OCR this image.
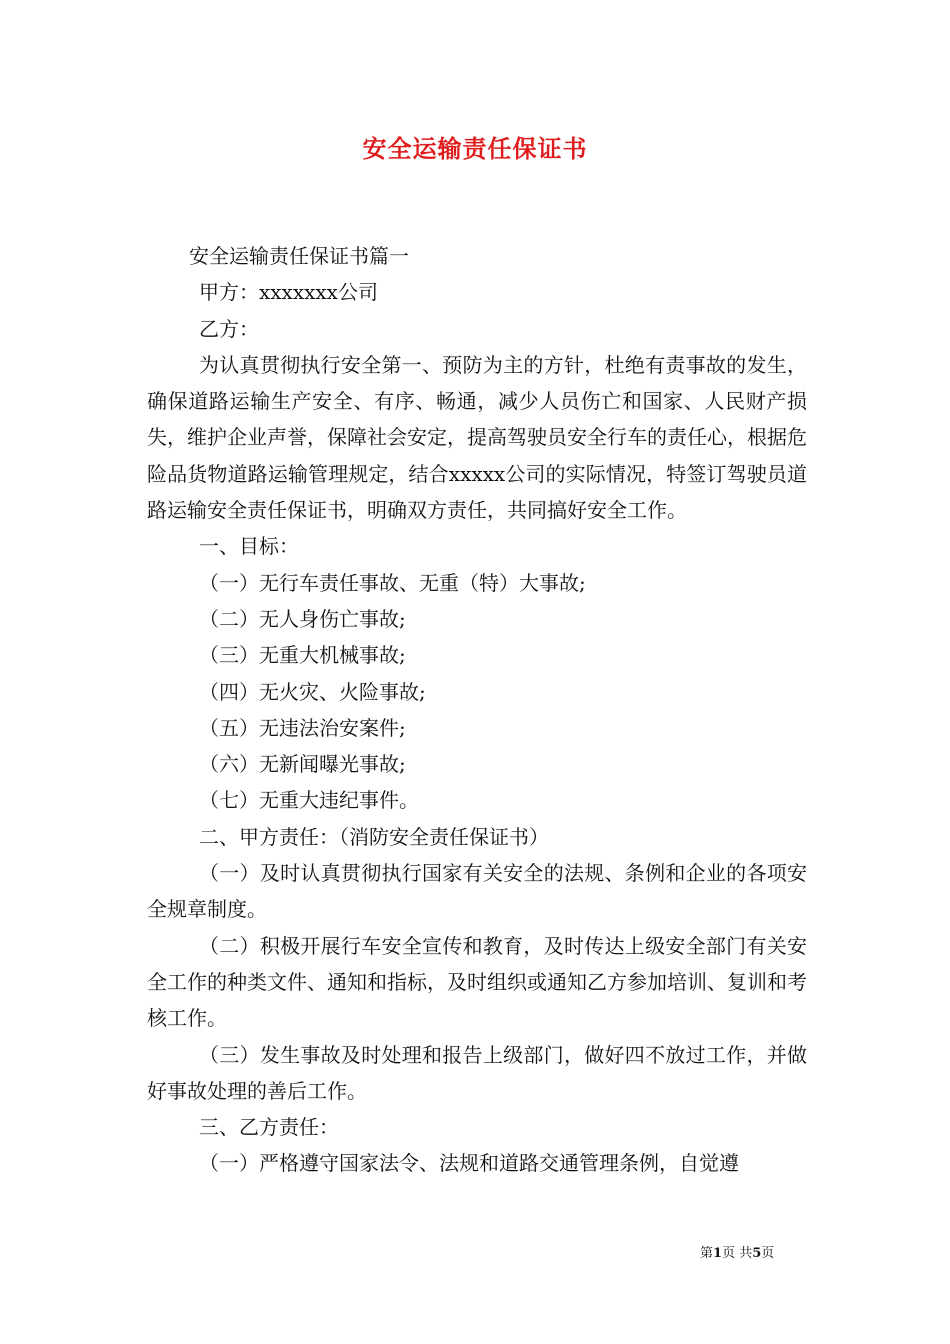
安全运输责任保证书

安全运输责任保证书篇一

甲方：xxxxxxx公司

乙方：

为认真贯彻执行安全第一、预防为主的方针，杜绝有责事故的发生，确保道路运输生产安全、有序、畅通，减少人员伤亡和国家、人民财产损失，维护企业声誉，保障社会安定，提高驾驶员安全行车的责任心，根据危险品货物道路运输管理规定，结合xxxxx公司的实际情况，特签订驾驶员道路运输安全责任保证书，明确双方责任，共同搞好安全工作。

一、目标：

（一）无行车责任事故、无重（特）大事故;

（二）无人身伤亡事故;

（三）无重大机械事故;

（四）无火灾、火险事故;

（五）无违法治安案件;

（六）无新闻曝光事故;

（七）无重大违纪事件。

二、甲方责任：（消防安全责任保证书）

（一）及时认真贯彻执行国家有关安全的法规、条例和企业的各项安全规章制度。

（二）积极开展行车安全宣传和教育，及时传达上级安全部门有关安全工作的种类文件、通知和指标，及时组织或通知乙方参加培训、复训和考核工作。

（三）发生事故及时处理和报告上级部门，做好四不放过工作，并做好事故处理的善后工作。

三、乙方责任：

（一）严格遵守国家法令、法规和道路交通管理条例，自觉遵

第1页 共5页
